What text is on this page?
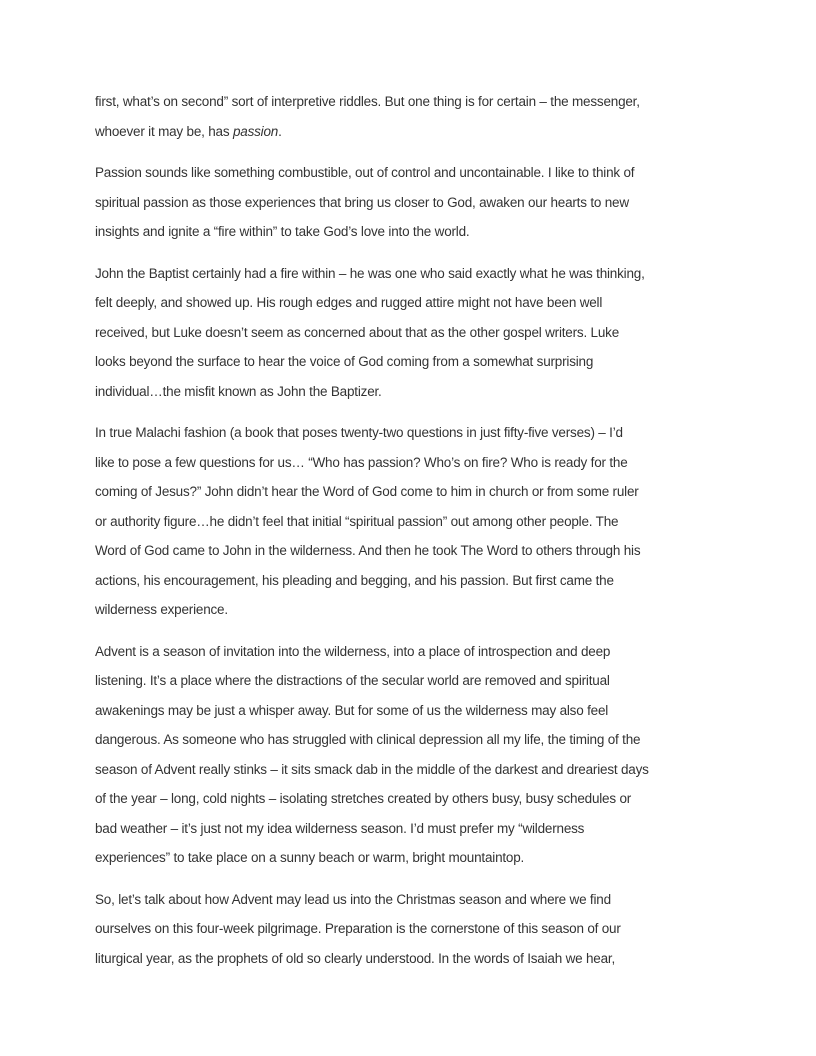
first, what’s on second” sort of interpretive riddles. But one thing is for certain – the messenger,
whoever it may be, has passion.

Passion sounds like something combustible, out of control and uncontainable. I like to think of
spiritual passion as those experiences that bring us closer to God, awaken our hearts to new
insights and ignite a “fire within” to take God’s love into the world.

John the Baptist certainly had a fire within – he was one who said exactly what he was thinking,
felt deeply, and showed up. His rough edges and rugged attire might not have been well
received, but Luke doesn’t seem as concerned about that as the other gospel writers. Luke
looks beyond the surface to hear the voice of God coming from a somewhat surprising
individual…the misfit known as John the Baptizer.

In true Malachi fashion (a book that poses twenty-two questions in just fifty-five verses) – I’d
like to pose a few questions for us… “Who has passion? Who’s on fire? Who is ready for the
coming of Jesus?” John didn’t hear the Word of God come to him in church or from some ruler
or authority figure…he didn’t feel that initial “spiritual passion” out among other people. The
Word of God came to John in the wilderness. And then he took The Word to others through his
actions, his encouragement, his pleading and begging, and his passion. But first came the
wilderness experience.

Advent is a season of invitation into the wilderness, into a place of introspection and deep
listening. It’s a place where the distractions of the secular world are removed and spiritual
awakenings may be just a whisper away. But for some of us the wilderness may also feel
dangerous. As someone who has struggled with clinical depression all my life, the timing of the
season of Advent really stinks – it sits smack dab in the middle of the darkest and dreariest days
of the year – long, cold nights – isolating stretches created by others busy, busy schedules or
bad weather – it’s just not my idea wilderness season. I’d must prefer my “wilderness
experiences” to take place on a sunny beach or warm, bright mountaintop.

So, let’s talk about how Advent may lead us into the Christmas season and where we find
ourselves on this four-week pilgrimage. Preparation is the cornerstone of this season of our
liturgical year, as the prophets of old so clearly understood. In the words of Isaiah we hear,
